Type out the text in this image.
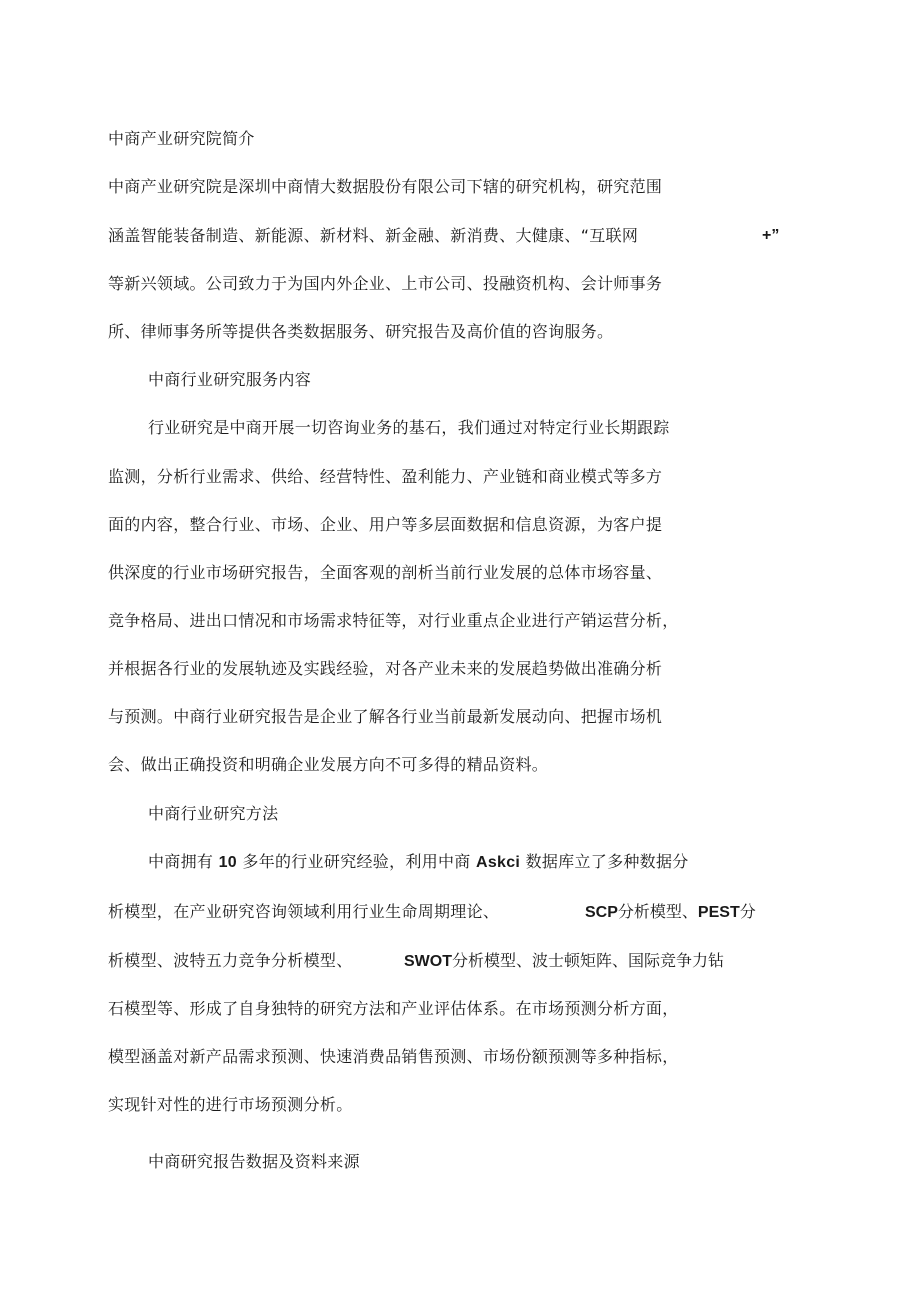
中商产业研究院简介
中商产业研究院是深圳中商情大数据股份有限公司下辖的研究机构，研究范围
涵盖智能装备制造、新能源、新材料、新金融、新消费、大健康、“互联网	+”
等新兴领域。公司致力于为国内外企业、上市公司、投融资机构、会计师事务
所、律师事务所等提供各类数据服务、研究报告及高价值的咨询服务。
中商行业研究服务内容
行业研究是中商开展一切咨询业务的基石，我们通过对特定行业长期跟踪
监测，分析行业需求、供给、经营特性、盈利能力、产业链和商业模式等多方
面的内容，整合行业、市场、企业、用户等多层面数据和信息资源，为客户提
供深度的行业市场研究报告，全面客观的剖析当前行业发展的总体市场容量、
竞争格局、进出口情况和市场需求特征等，对行业重点企业进行产销运营分析，
并根据各行业的发展轨迹及实践经验，对各产业未来的发展趋势做出准确分析
与预测。中商行业研究报告是企业了解各行业当前最新发展动向、把握市场机
会、做出正确投资和明确企业发展方向不可多得的精品资料。
中商行业研究方法
中商拥有 10 多年的行业研究经验，利用中商 Askci 数据库立了多种数据分
析模型，在产业研究咨询领域利用行业生命周期理论、	SCP分析模型、PEST分
析模型、波特五力竞争分析模型、	SWOT分析模型、波士顿矩阵、国际竞争力钻
石模型等、形成了自身独特的研究方法和产业评估体系。在市场预测分析方面，
模型涵盖对新产品需求预测、快速消费品销售预测、市场份额预测等多种指标，
实现针对性的进行市场预测分析。
中商研究报告数据及资料来源
